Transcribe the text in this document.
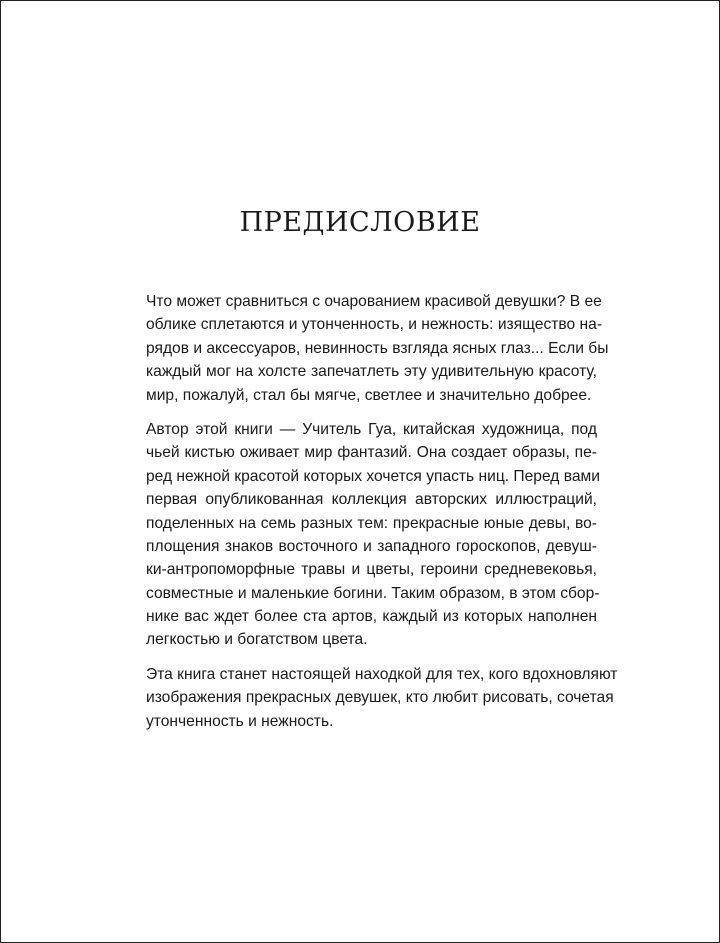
ПРЕДИСЛОВИЕ
Что может сравниться с очарованием красивой девушки? В ее
облике сплетаются и утонченность, и нежность: изящество на-
рядов и аксессуаров, невинность взгляда ясных глаз... Если бы
каждый мог на холсте запечатлеть эту удивительную красоту,
мир, пожалуй, стал бы мягче, светлее и значительно добрее.
Автор этой книги — Учитель Гуа, китайская художница, под
чьей кистью оживает мир фантазий. Она создает образы, пе-
ред нежной красотой которых хочется упасть ниц. Перед вами
первая опубликованная коллекция авторских иллюстраций,
поделенных на семь разных тем: прекрасные юные девы, во-
площения знаков восточного и западного гороскопов, девуш-
ки-антропоморфные травы и цветы, героини средневековья,
совместные и маленькие богини. Таким образом, в этом сбор-
нике вас ждет более ста артов, каждый из которых наполнен
легкостью и богатством цвета.
Эта книга станет настоящей находкой для тех, кого вдохновляют
изображения прекрасных девушек, кто любит рисовать, сочетая
утонченность и нежность.
